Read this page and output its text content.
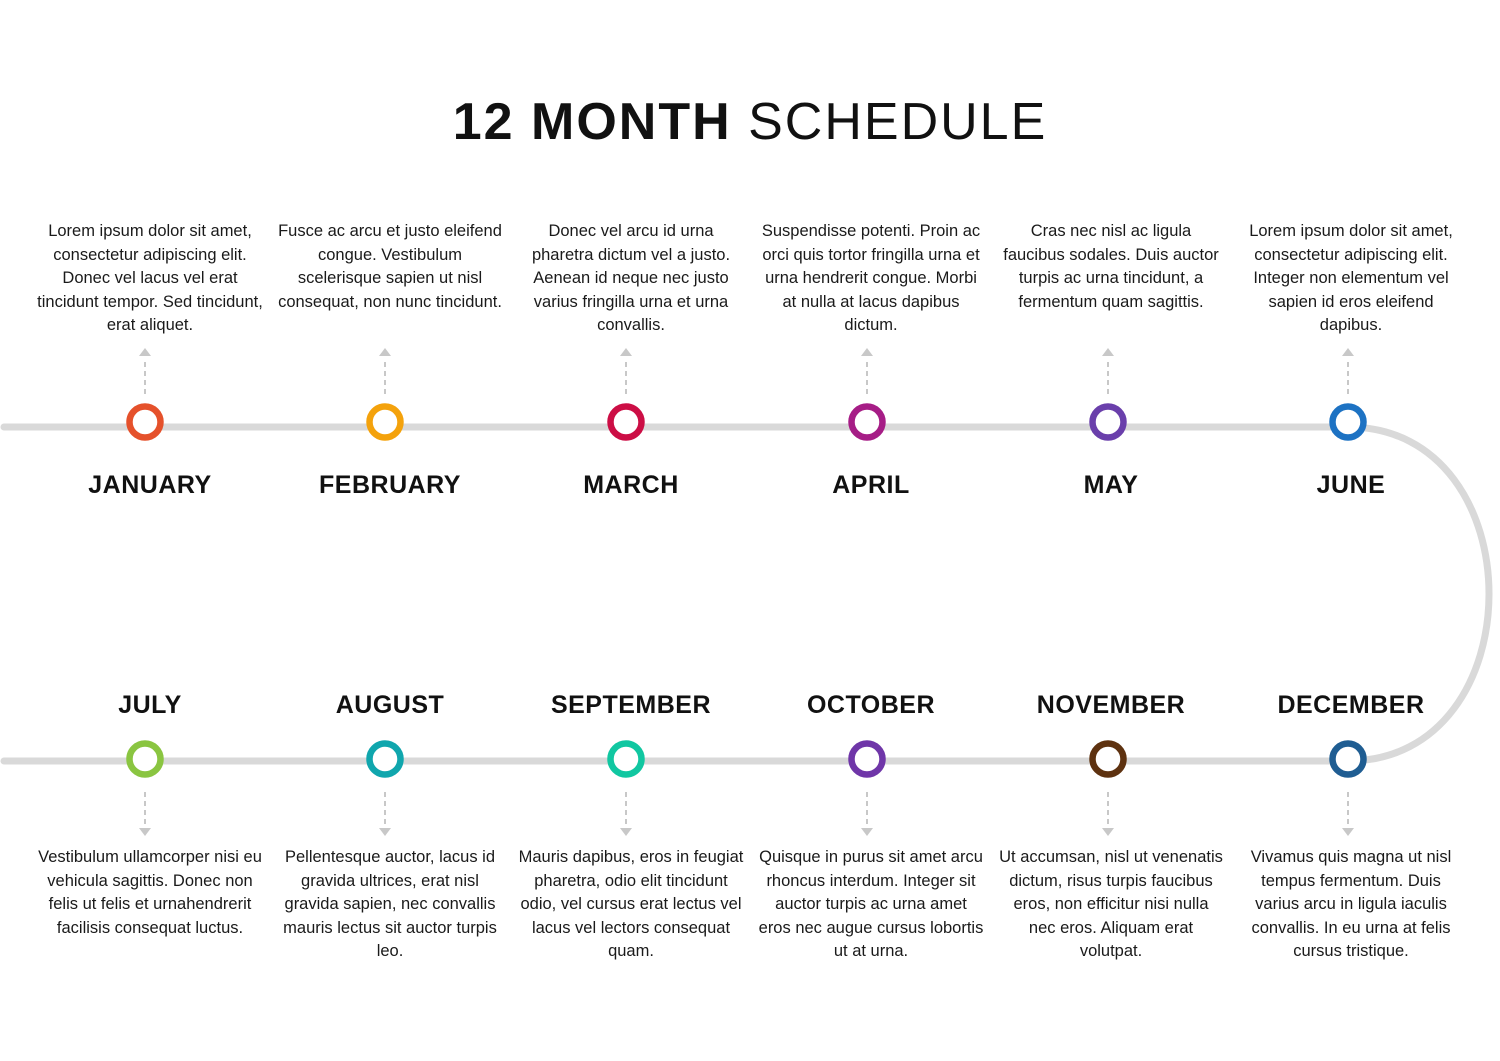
12 MONTH SCHEDULE
JANUARY
Lorem ipsum dolor sit amet, consectetur adipiscing elit. Donec vel lacus vel erat tincidunt tempor. Sed tincidunt, erat aliquet.
FEBRUARY
Fusce ac arcu et justo eleifend congue. Vestibulum scelerisque sapien ut nisl consequat, non nunc tincidunt.
MARCH
Donec vel arcu id urna pharetra dictum vel a justo. Aenean id neque nec justo varius fringilla urna et urna convallis.
APRIL
Suspendisse potenti. Proin ac orci quis tortor fringilla urna et urna hendrerit congue. Morbi at nulla at lacus dapibus dictum.
MAY
Cras nec nisl ac ligula faucibus sodales. Duis auctor turpis ac urna tincidunt, a fermentum quam sagittis.
JUNE
Lorem ipsum dolor sit amet, consectetur adipiscing elit. Integer non elementum vel sapien id eros eleifend dapibus.
JULY
Vestibulum ullamcorper nisi eu vehicula sagittis. Donec non felis ut felis et urnahendrerit facilisis consequat luctus.
AUGUST
Pellentesque auctor, lacus id gravida ultrices, erat nisl gravida sapien, nec convallis mauris lectus sit auctor turpis leo.
SEPTEMBER
Mauris dapibus, eros in feugiat pharetra, odio elit tincidunt odio, vel cursus erat lectus vel lacus vel lectors consequat quam.
OCTOBER
Quisque in purus sit amet arcu rhoncus interdum. Integer sit auctor turpis ac urna amet eros nec augue cursus lobortis ut at urna.
NOVEMBER
Ut accumsan, nisl ut venenatis dictum, risus turpis faucibus eros, non efficitur nisi nulla nec eros. Aliquam erat volutpat.
DECEMBER
Vivamus quis magna ut nisl tempus fermentum. Duis varius arcu in ligula iaculis convallis. In eu urna at felis cursus tristique.
